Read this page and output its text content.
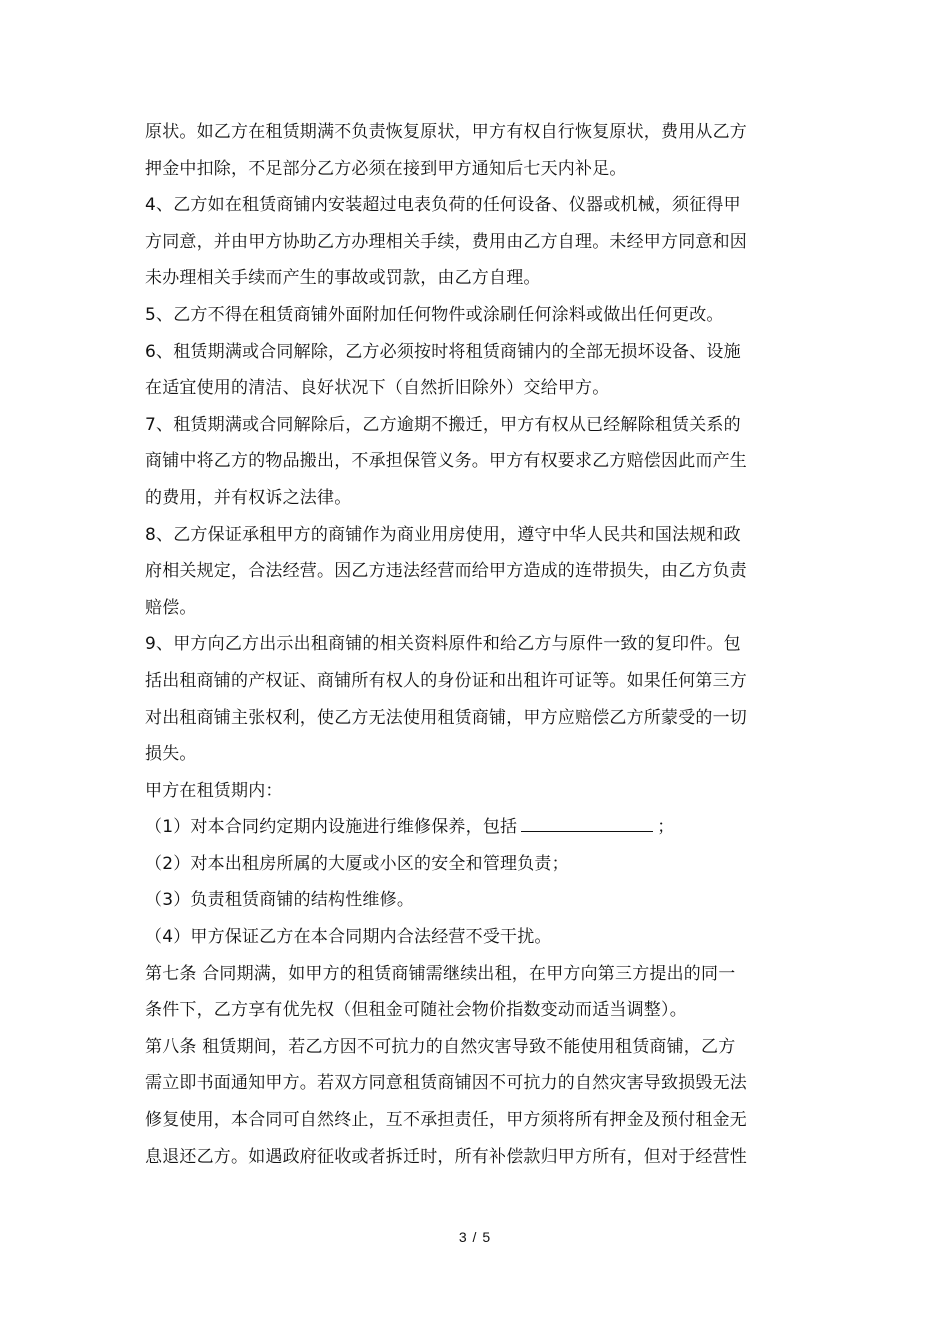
原状。如乙方在租赁期满不负责恢复原状，甲方有权自行恢复原状，费用从乙方
押金中扣除，不足部分乙方必须在接到甲方通知后七天内补足。
4、乙方如在租赁商铺内安装超过电表负荷的任何设备、仪器或机械，须征得甲
方同意，并由甲方协助乙方办理相关手续，费用由乙方自理。未经甲方同意和因
未办理相关手续而产生的事故或罚款，由乙方自理。
5、乙方不得在租赁商铺外面附加任何物件或涂刷任何涂料或做出任何更改。
6、租赁期满或合同解除，乙方必须按时将租赁商铺内的全部无损坏设备、设施
在适宜使用的清洁、良好状况下（自然折旧除外）交给甲方。
7、租赁期满或合同解除后，乙方逾期不搬迁，甲方有权从已经解除租赁关系的
商铺中将乙方的物品搬出，不承担保管义务。甲方有权要求乙方赔偿因此而产生
的费用，并有权诉之法律。
8、乙方保证承租甲方的商铺作为商业用房使用，遵守中华人民共和国法规和政
府相关规定，合法经营。因乙方违法经营而给甲方造成的连带损失，由乙方负责
赔偿。
9、甲方向乙方出示出租商铺的相关资料原件和给乙方与原件一致的复印件。包
括出租商铺的产权证、商铺所有权人的身份证和出租许可证等。如果任何第三方
对出租商铺主张权利，使乙方无法使用租赁商铺，甲方应赔偿乙方所蒙受的一切
损失。
甲方在租赁期内：
（1）对本合同约定期内设施进行维修保养，包括	；
（2）对本出租房所属的大厦或小区的安全和管理负责；
（3）负责租赁商铺的结构性维修。
（4）甲方保证乙方在本合同期内合法经营不受干扰。
第七条 合同期满，如甲方的租赁商铺需继续出租，在甲方向第三方提出的同一
条件下，乙方享有优先权（但租金可随社会物价指数变动而适当调整）。
第八条 租赁期间，若乙方因不可抗力的自然灾害导致不能使用租赁商铺，乙方
需立即书面通知甲方。若双方同意租赁商铺因不可抗力的自然灾害导致损毁无法
修复使用，本合同可自然终止，互不承担责任，甲方须将所有押金及预付租金无
息退还乙方。如遇政府征收或者拆迁时，所有补偿款归甲方所有，但对于经营性
3 / 5
